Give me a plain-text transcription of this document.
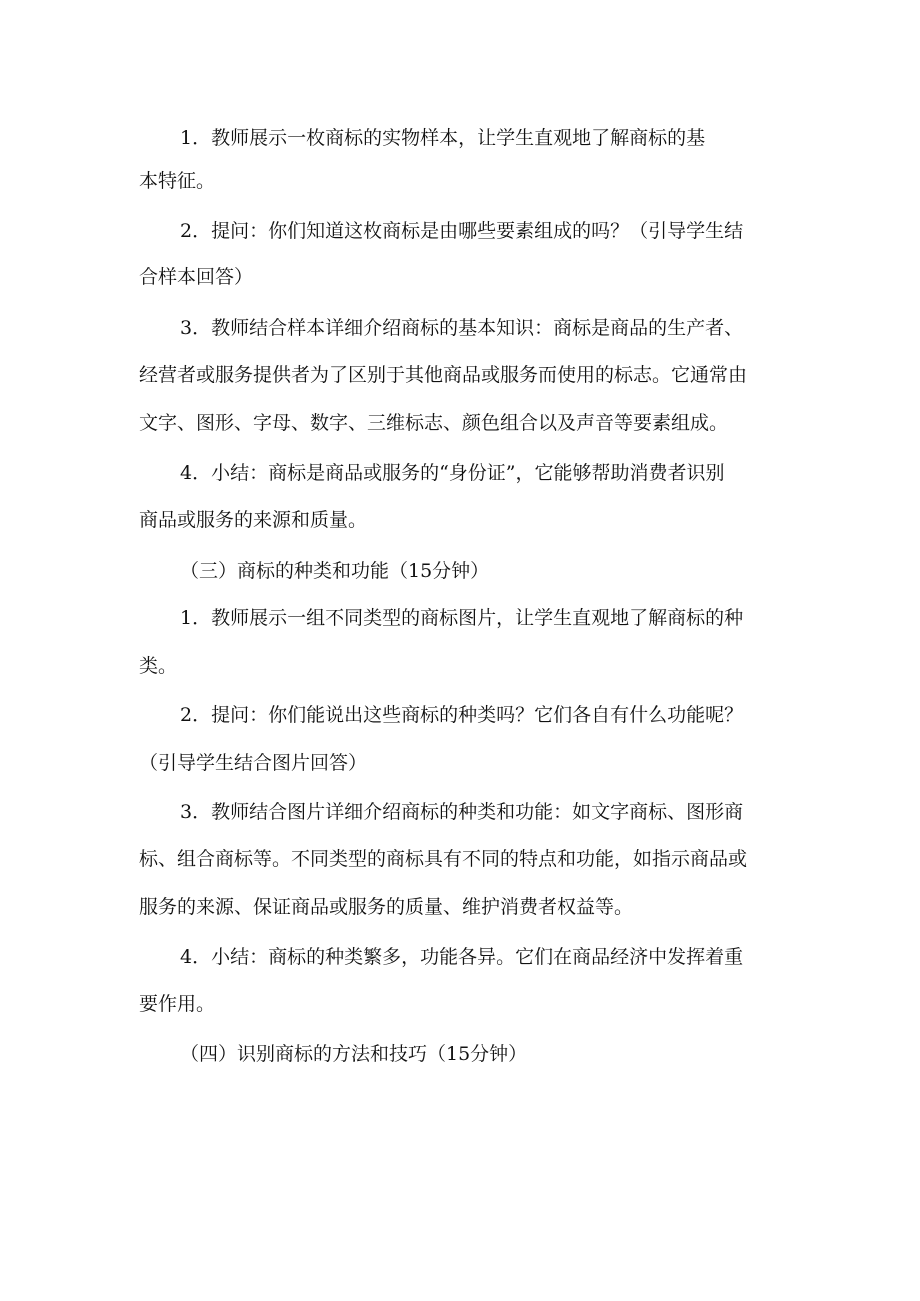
1．教师展示一枚商标的实物样本，让学生直观地了解商标的基
本特征。
2．提问：你们知道这枚商标是由哪些要素组成的吗？（引导学生结
合样本回答）
3．教师结合样本详细介绍商标的基本知识：商标是商品的生产者、
经营者或服务提供者为了区别于其他商品或服务而使用的标志。它通常由
文字、图形、字母、数字、三维标志、颜色组合以及声音等要素组成。
4．小结：商标是商品或服务的“身份证”，它能够帮助消费者识别
商品或服务的来源和质量。
（三）商标的种类和功能（15分钟）
1．教师展示一组不同类型的商标图片，让学生直观地了解商标的种
类。
2．提问：你们能说出这些商标的种类吗？它们各自有什么功能呢？
（引导学生结合图片回答）
3．教师结合图片详细介绍商标的种类和功能：如文字商标、图形商
标、组合商标等。不同类型的商标具有不同的特点和功能，如指示商品或
服务的来源、保证商品或服务的质量、维护消费者权益等。
4．小结：商标的种类繁多，功能各异。它们在商品经济中发挥着重
要作用。
（四）识别商标的方法和技巧（15分钟）
